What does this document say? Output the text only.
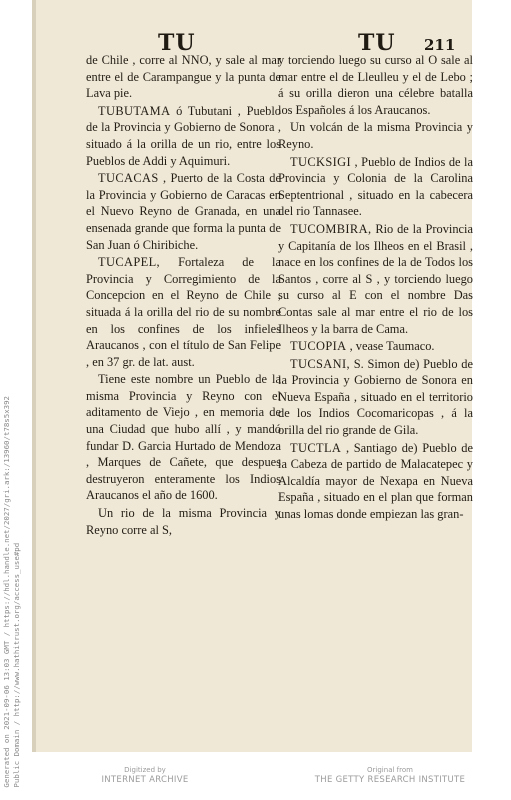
TU	TU 211

de Chile , corre al NNO, y sale al mar entre el de Carampangue y la punta de Lava pie.

TUBUTAMA ó Tubutani , Pueblo de la Provincia y Gobierno de Sonora , situado á la orilla de un rio, entre los Pueblos de Addi y Aquimuri.

TUCACAS , Puerto de la Costa de la Provincia y Gobierno de Caracas en el Nuevo Reyno de Granada, en una ensenada grande que forma la punta de San Juan ó Chiribiche.

TUCAPEL, Fortaleza de la Provincia y Corregimiento de la Concepcion en el Reyno de Chile , situada á la orilla del rio de su nombre en los confines de los infieles Araucanos , con el título de San Felipe , en 37 gr. de lat. aust.

Tiene este nombre un Pueblo de la misma Provincia y Reyno con el aditamento de Viejo , en memoria de una Ciudad que hubo allí , y mandó fundar D. Garcia Hurtado de Mendoza , Marques de Cañete, que despues destruyeron enteramente los Indios Araucanos el año de 1600.

Un rio de la misma Provincia y Reyno corre al S,

y torciendo luego su curso al O sale al mar entre el de Lleulleu y el de Lebo ; á su orilla dieron una célebre batalla los Españoles á los Araucanos.

Un volcán de la misma Provincia y Reyno.

TUCKSIGI , Pueblo de Indios de la Provincia y Colonia de la Carolina Septentrional , situado en la cabecera del rio Tannasee.

TUCOMBIRA, Rio de la Provincia y Capitanía de los Ilheos en el Brasil , nace en los confines de la de Todos los Santos , corre al S , y torciendo luego su curso al E con el nombre Das Contas sale al mar entre el rio de los Ilheos y la barra de Cama.

TUCOPIA , vease Taumaco.

TUCSANI, S. Simon de) Pueblo de la Provincia y Gobierno de Sonora en Nueva España , situado en el territorio de los Indios Cocomaricopas , á la orilla del rio grande de Gila.

TUCTLA , Santiago de) Pueblo de la Cabeza de partido de Malacatepec y Alcaldía mayor de Nexapa en Nueva España , situado en el plan que forman unas lomas donde empiezan las gran-

Generated on 2021-09-06 13:03 GMT / https://hdl.handle.net/2027/gri.ark:/13960/t78s5x392 Public Domain / http://www.hathitrust.org/access_use#pd	Digitized by
INTERNET ARCHIVE
Original from
THE GETTY RESEARCH INSTITUTE
